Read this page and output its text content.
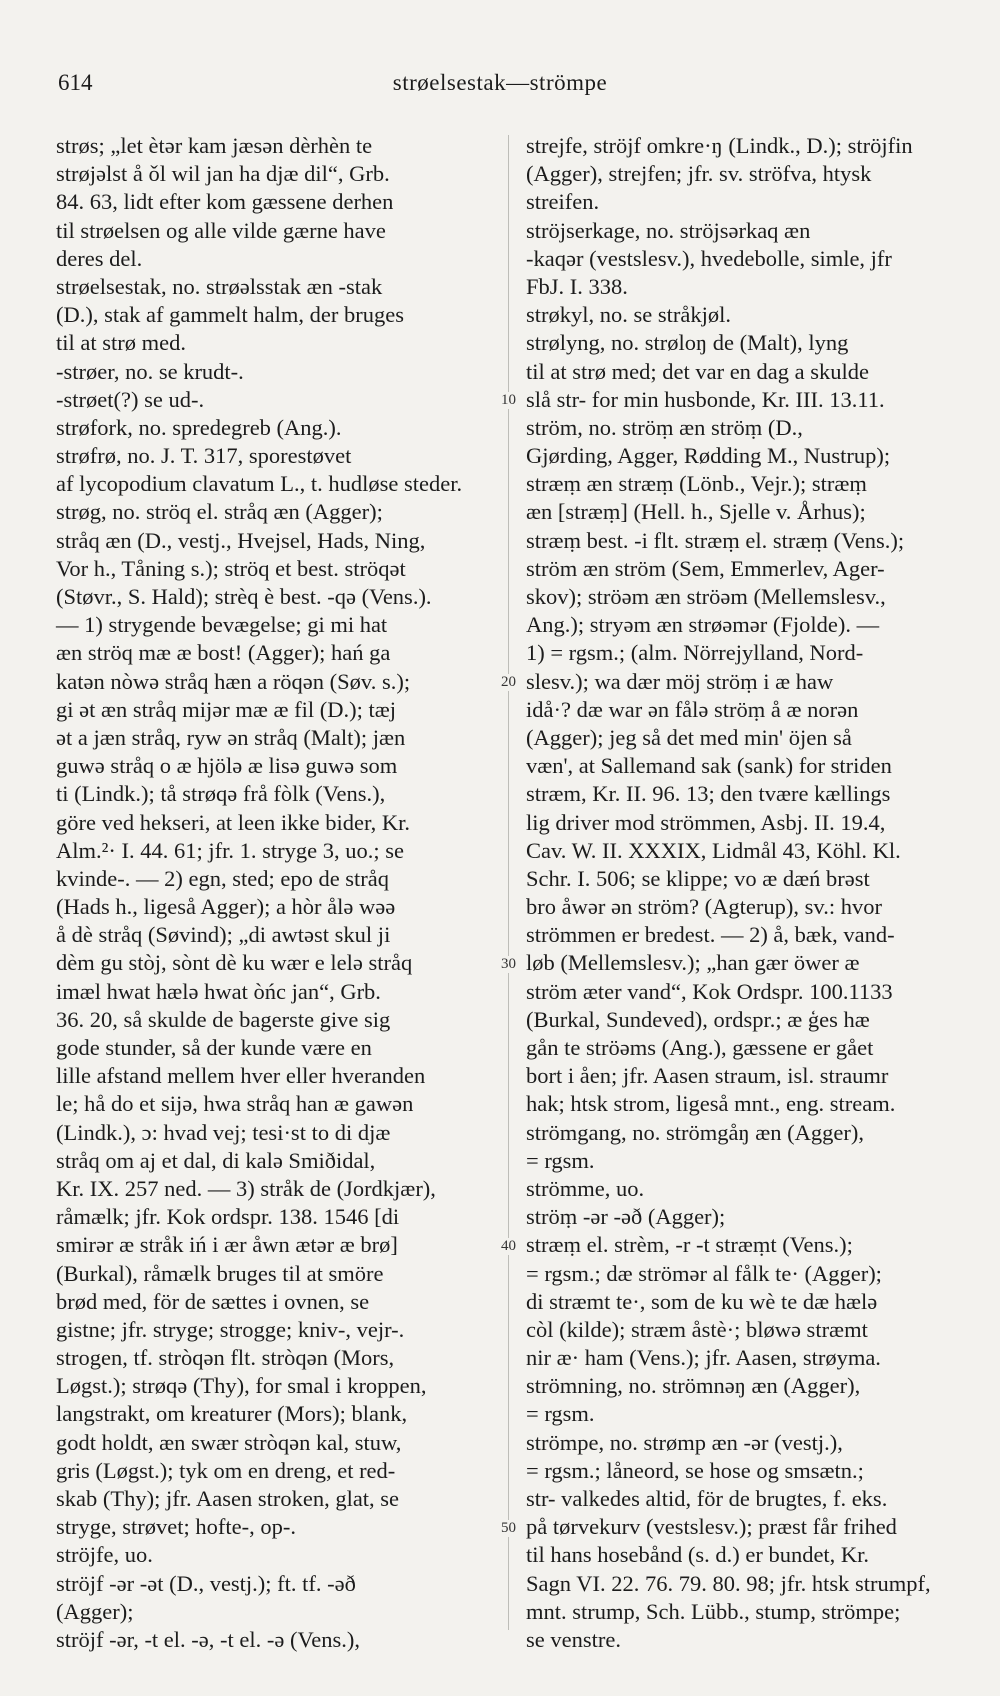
614	strøelsestak—strömpe
strøs; „let ètər kam jæsən dèrhèn te
strøjəlst å ǒl wil jan ha djæ dil“, Grb.
84. 63, lidt efter kom gæssene derhen
til strøelsen og alle vilde gærne have
deres del.
strøelsestak, no. strøəlsstak æn -stak
(D.), stak af gammelt halm, der bruges
til at strø med.
-strøer, no. se krudt-.
-strøet(?) se ud-.
strøfork, no. spredegreb (Ang.).
strøfrø, no. J. T. 317, sporestøvet
af lycopodium clavatum L., t. hudløse steder.
strøg, no. ströq el. stråq æn (Agger);
stråq æn (D., vestj., Hvejsel, Hads, Ning,
Vor h., Tåning s.); ströq et best. ströqət
(Støvr., S. Hald); strèq è best. -qə (Vens.).
— 1) strygende bevægelse; gi mi hat
æn ströq mæ æ bost! (Agger); hań ga
katən nòwə stråq hæn a röqən (Søv. s.);
gi ət æn stråq mijər mæ æ fil (D.); tæj
ət a jæn stråq, ryw ən stråq (Malt); jæn
guwə stråq o æ hjölə æ lisə guwə som
ti (Lindk.); tå strøqə frå fòlk (Vens.),
göre ved hekseri, at leen ikke bider, Kr.
Alm.²· I. 44. 61; jfr. 1. stryge 3, uo.; se
kvinde-. — 2) egn, sted; epo de stråq
(Hads h., ligeså Agger); a hòr ålə wəə
å dè stråq (Søvind); „di awtəst skul ji
dèm gu stòj, sònt dè ku wær e lelə stråq
imæl hwat hælə hwat òńc jan“, Grb.
36. 20, så skulde de bagerste give sig
gode stunder, så der kunde være en
lille afstand mellem hver eller hveranden
le; hå do et sijə, hwa stråq han æ gawən
(Lindk.), ɔ: hvad vej; tesi·st to di djæ
stråq om aj et dal, di kalə Smiðidal,
Kr. IX. 257 ned. — 3) stråk de (Jordkjær),
råmælk; jfr. Kok ordspr. 138. 1546 [di
smirər æ stråk iń i ær åwn ætər æ brø]
(Burkal), råmælk bruges til at smöre
brød med, för de sættes i ovnen, se
gistne; jfr. stryge; strogge; kniv-, vejr-.
strogen, tf. stròqən flt. stròqən (Mors,
Løgst.); strøqə (Thy), for smal i kroppen,
langstrakt, om kreaturer (Mors); blank,
godt holdt, æn swær stròqən kal, stuw,
gris (Løgst.); tyk om en dreng, et red-
skab (Thy); jfr. Aasen stroken, glat, se
stryge, strøvet; hofte-, op-.
ströjfe, uo.
ströjf -ər -ət (D., vestj.); ft. tf. -əð
(Agger);
ströjf -ər, -t el. -ə, -t el. -ə (Vens.),
strejfe, ströjf omkre·ŋ (Lindk., D.); ströjfin
(Agger), strejfen; jfr. sv. ströfva, htysk
streifen.
ströjserkage, no. ströjsərkaq æn
-kaqər (vestslesv.), hvedebolle, simle, jfr
FbJ. I. 338.
strøkyl, no. se stråkjøl.
strølyng, no. strøloŋ de (Malt), lyng
til at strø med; det var en dag a skulde
slå str- for min husbonde, Kr. III. 13.11.
ström, no. ströṃ æn ströṃ (D.,
Gjørding, Agger, Rødding M., Nustrup);
stræṃ æn stræṃ (Lönb., Vejr.); stræṃ
æn [stræṃ] (Hell. h., Sjelle v. Århus);
stræṃ best. -i flt. stræṃ el. stræṃ (Vens.);
ström æn ström (Sem, Emmerlev, Ager-
skov); ströəm æn ströəm (Mellemslesv.,
Ang.); stryəm æn strøəmər (Fjolde). —
1) = rgsm.; (alm. Nörrejylland, Nord-
slesv.); wa dær möj ströṃ i æ haw
idå·? dæ war ən fålə ströṃ å æ norən
(Agger); jeg så det med min' öjen så
væn', at Sallemand sak (sank) for striden
stræm, Kr. II. 96. 13; den tvære kællings
lig driver mod strömmen, Asbj. II. 19.4,
Cav. W. II. XXXIX, Lidmål 43, Köhl. Kl.
Schr. I. 506; se klippe; vo æ dæń brəst
bro åwər ən ström? (Agterup), sv.: hvor
strömmen er bredest. — 2) å, bæk, vand-
løb (Mellemslesv.); „han gær öwer æ
ström æter vand“, Kok Ordspr. 100.1133
(Burkal, Sundeved), ordspr.; æ ģes hæ
gån te ströəms (Ang.), gæssene er gået
bort i åen; jfr. Aasen straum, isl. straumr
hak; htsk strom, ligeså mnt., eng. stream.
strömgang, no. strömgåŋ æn (Agger),
= rgsm.
strömme, uo.
ströṃ -ər -əð (Agger);
stræṃ el. strèm, -r -t stræṃt (Vens.);
= rgsm.; dæ strömər al fålk te· (Agger);
di stræmt te·, som de ku wè te dæ hælə
còl (kilde); stræm åstè·; bløwə stræmt
nir æ· ham (Vens.); jfr. Aasen, strøyma.
strömning, no. strömnəŋ æn (Agger),
= rgsm.
strömpe, no. strømp æn -ər (vestj.),
= rgsm.; låneord, se hose og smsætn.;
str- valkedes altid, för de brugtes, f. eks.
på tørvekurv (vestslesv.); præst får frihed
til hans hosebånd (s. d.) er bundet, Kr.
Sagn VI. 22. 76. 79. 80. 98; jfr. htsk strumpf,
mnt. strump, Sch. Lübb., stump, strömpe;
se venstre.
10
20
30
40
50
